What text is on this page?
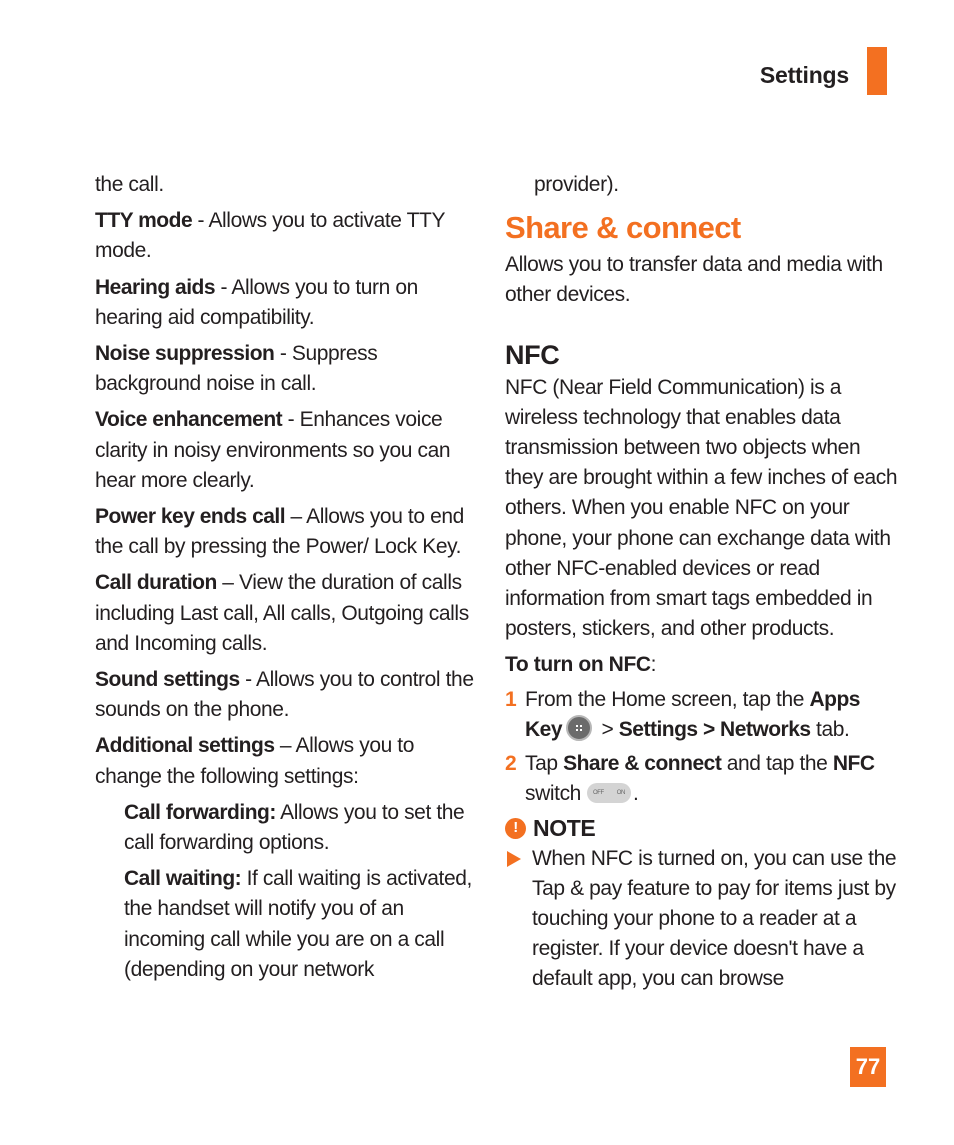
Settings

the call.

TTY mode - Allows you to activate TTY mode.

Hearing aids - Allows you to turn on hearing aid compatibility.

Noise suppression - Suppress background noise in call.

Voice enhancement - Enhances voice clarity in noisy environments so you can hear more clearly.

Power key ends call – Allows you to end the call by pressing the Power/ Lock Key.

Call duration – View the duration of calls including Last call, All calls, Outgoing calls and Incoming calls.

Sound settings - Allows you to control the sounds on the phone.

Additional settings – Allows you to change the following settings:

Call forwarding: Allows you to set the call forwarding options.

Call waiting: If call waiting is activated, the handset will notify you of an incoming call while you are on a call (depending on your network

provider).

Share & connect

Allows you to transfer data and media with other devices.

NFC

NFC (Near Field Communication) is a wireless technology that enables data transmission between two objects when they are brought within a few inches of each others. When you enable NFC on your phone, your phone can exchange data with other NFC-enabled devices or read information from smart tags embedded in posters, stickers, and other products.

To turn on NFC:

1 From the Home screen, tap the Apps Key > Settings > Networks tab.
2 Tap Share & connect and tap the NFC switch OFF ON .
! NOTE
When NFC is turned on, you can use the Tap & pay feature to pay for items just by touching your phone to a reader at a register. If your device doesn't have a default app, you can browse
77
